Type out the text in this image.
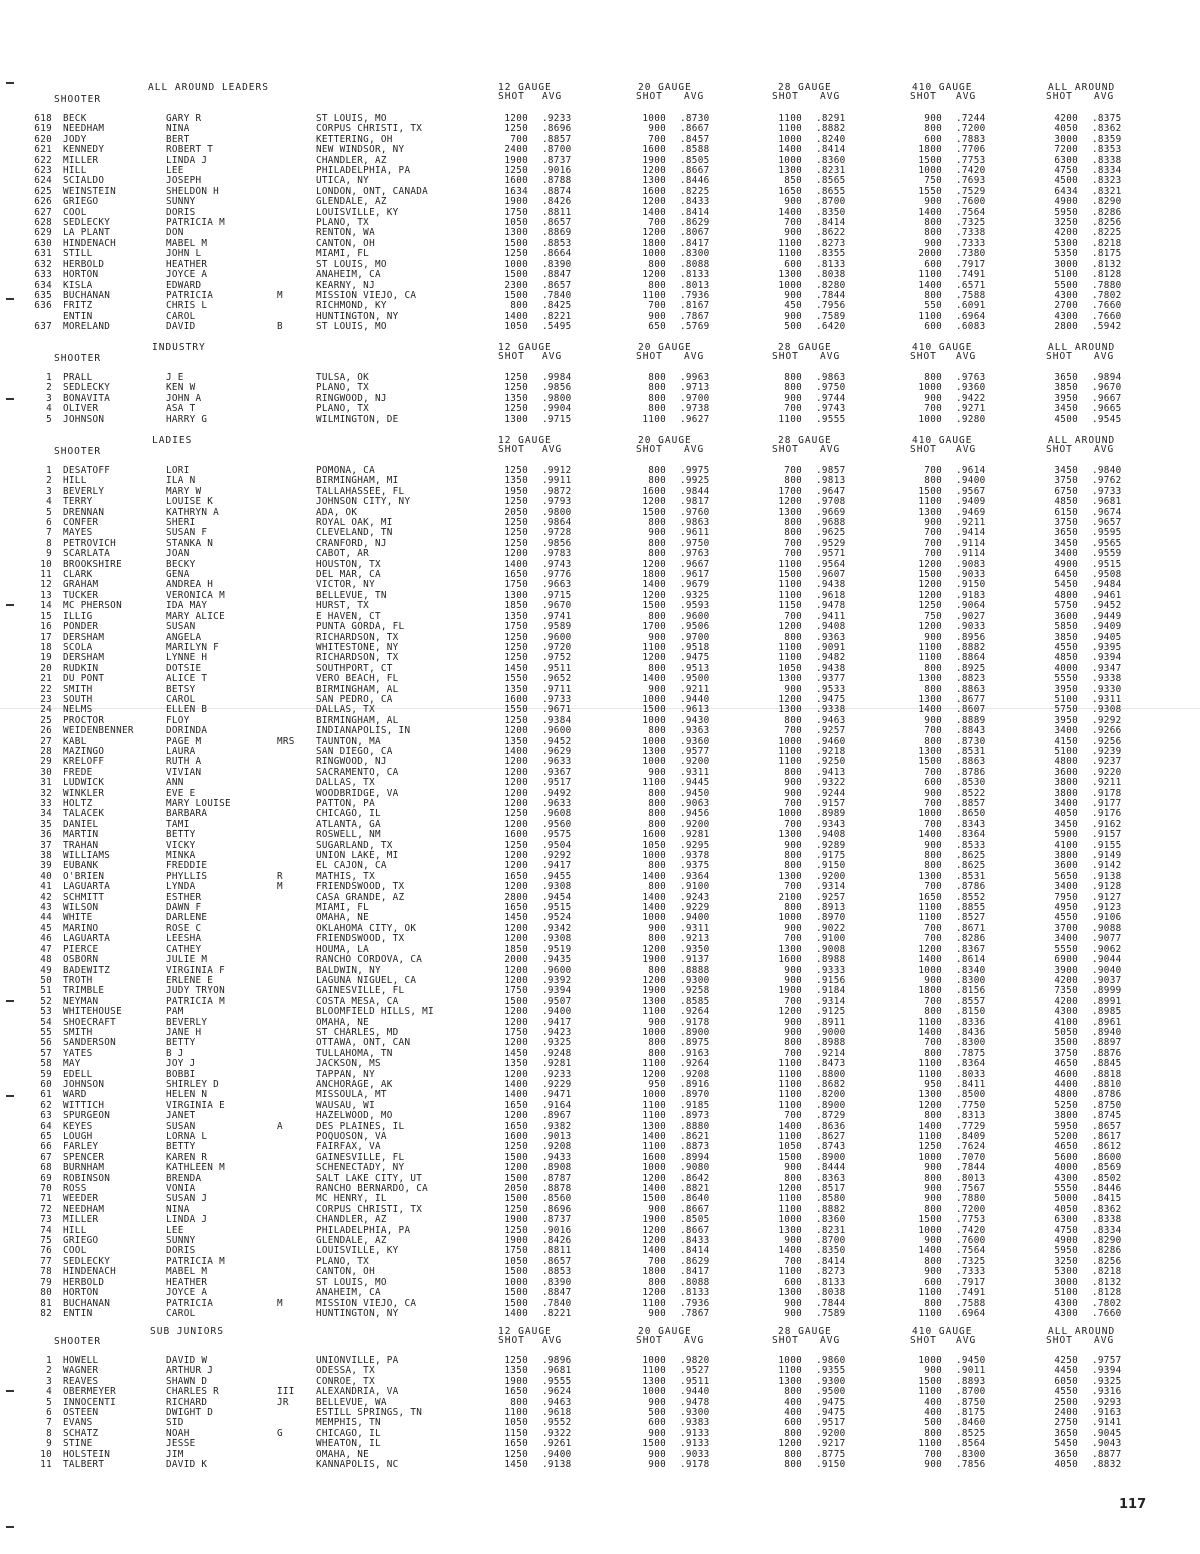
117
ALL AROUND LEADERS
SHOOTER
12 GAUGE
SHOT AVG
20 GAUGE
SHOT AVG
28 GAUGE
SHOT AVG
410 GAUGE
SHOT AVG
ALL AROUND
SHOT AVG
618 BECK	GARY R	ST LOUIS, MO	1200 .9233	1000 .8730	1100 .8291	900 .7244	4200 .8375
619 NEEDHAM	NINA	CORPUS CHRISTI, TX	1250 .8696	900 .8667	1100 .8882	800 .7200	4050 .8362
620 JODY	BERT	KETTERING, OH	700 .8857	700 .8457	1000 .8240	600 .7883	3000 .8359
621 KENNEDY	ROBERT T	NEW WINDSOR, NY	2400 .8700	1600 .8588	1400 .8414	1800 .7706	7200 .8353
622 MILLER	LINDA J	CHANDLER, AZ	1900 .8737	1900 .8505	1000 .8360	1500 .7753	6300 .8338
623 HILL	LEE	PHILADELPHIA, PA	1250 .9016	1200 .8667	1300 .8231	1000 .7420	4750 .8334
624 SCIALDO	JOSEPH	UTICA, NY	1600 .8788	1300 .8446	850 .8565	750 .7693	4500 .8323
625 WEINSTEIN	SHELDON H	LONDON, ONT, CANADA	1634 .8874	1600 .8225	1650 .8655	1550 .7529	6434 .8321
626 GRIEGO	SUNNY	GLENDALE, AZ	1900 .8426	1200 .8433	900 .8700	900 .7600	4900 .8290
627 COOL	DORIS	LOUISVILLE, KY	1750 .8811	1400 .8414	1400 .8350	1400 .7564	5950 .8286
628 SEDLECKY	PATRICIA M	PLANO, TX	1050 .8657	700 .8629	700 .8414	800 .7325	3250 .8256
629 LA PLANT	DON	RENTON, WA	1300 .8869	1200 .8067	900 .8622	800 .7338	4200 .8225
630 HINDENACH	MABEL M	CANTON, OH	1500 .8853	1800 .8417	1100 .8273	900 .7333	5300 .8218
631 STILL	JOHN L	MIAMI, FL	1250 .8664	1000 .8300	1100 .8355	2000 .7380	5350 .8175
632 HERBOLD	HEATHER	ST LOUIS, MO	1000 .8390	800 .8088	600 .8133	600 .7917	3000 .8132
633 HORTON	JOYCE A	ANAHEIM, CA	1500 .8847	1200 .8133	1300 .8038	1100 .7491	5100 .8128
634 KISLA	EDWARD	KEARNY, NJ	2300 .8657	800 .8013	1000 .8280	1400 .6571	5500 .7880
635 BUCHANAN	PATRICIA	M	MISSION VIEJO, CA	1500 .7840	1100 .7936	900 .7844	800 .7588	4300 .7802
636 FRITZ	CHRIS L	RICHMOND, KY	800 .8425	700 .8167	450 .7956	550 .6091	2700 .7660
ENTIN	CAROL	HUNTINGTON, NY	1400 .8221	900 .7867	900 .7589	1100 .6964	4300 .7660
637 MORELAND	DAVID	B	ST LOUIS, MO	1050 .5495	650 .5769	500 .6420	600 .6083	2800 .5942
INDUSTRY
SHOOTER
12 GAUGE
SHOT AVG
20 GAUGE
SHOT AVG
28 GAUGE
SHOT AVG
410 GAUGE
SHOT AVG
ALL AROUND
SHOT AVG
1 PRALL	J E	TULSA, OK	1250 .9984	800 .9963	800 .9863	800 .9763	3650 .9894
2 SEDLECKY	KEN W	PLANO, TX	1250 .9856	800 .9713	800 .9750	1000 .9360	3850 .9670
3 BONAVITA	JOHN A	RINGWOOD, NJ	1350 .9800	800 .9700	900 .9744	900 .9422	3950 .9667
4 OLIVER	ASA T	PLANO, TX	1250 .9904	800 .9738	700 .9743	700 .9271	3450 .9665
5 JOHNSON	HARRY G	WILMINGTON, DE	1300 .9715	1100 .9627	1100 .9555	1000 .9280	4500 .9545
LADIES
SHOOTER
12 GAUGE
SHOT AVG
20 GAUGE
SHOT AVG
28 GAUGE
SHOT AVG
410 GAUGE
SHOT AVG
ALL AROUND
SHOT AVG
1 DESATOFF	LORI	POMONA, CA	1250 .9912	800 .9975	700 .9857	700 .9614	3450 .9840
2 HILL	ILA N	BIRMINGHAM, MI	1350 .9911	800 .9925	800 .9813	800 .9400	3750 .9762
3 BEVERLY	MARY W	TALLAHASSEE, FL	1950 .9872	1600 .9844	1700 .9647	1500 .9567	6750 .9733
4 TERRY	LOUISE K	JOHNSON CITY, NY	1250 .9793	1200 .9817	1200 .9708	1100 .9409	4850 .9681
5 DRENNAN	KATHRYN A	ADA, OK	2050 .9800	1500 .9760	1300 .9669	1300 .9469	6150 .9674
6 CONFER	SHERI	ROYAL OAK, MI	1250 .9864	800 .9863	800 .9688	900 .9211	3750 .9657
7 MAYES	SUSAN F	CLEVELAND, TN	1250 .9728	900 .9611	800 .9625	700 .9414	3650 .9595
8 PETROVICH	STANKA N	CRANFORD, NJ	1250 .9856	800 .9750	700 .9529	700 .9114	3450 .9565
9 SCARLATA	JOAN	CABOT, AR	1200 .9783	800 .9763	700 .9571	700 .9114	3400 .9559
10 BROOKSHIRE	BECKY	HOUSTON, TX	1400 .9743	1200 .9667	1100 .9564	1200 .9083	4900 .9515
11 CLARK	GENA	DEL MAR, CA	1650 .9776	1800 .9617	1500 .9607	1500 .9033	6450 .9508
12 GRAHAM	ANDREA H	VICTOR, NY	1750 .9663	1400 .9679	1100 .9438	1200 .9150	5450 .9484
13 TUCKER	VERONICA M	BELLEVUE, TN	1300 .9715	1200 .9325	1100 .9618	1200 .9183	4800 .9461
14 MC PHERSON	IDA MAY	HURST, TX	1850 .9670	1500 .9593	1150 .9478	1250 .9064	5750 .9452
15 ILLIG	MARY ALICE	E HAVEN, CT	1350 .9741	800 .9600	700 .9411	750 .9027	3600 .9449
16 PONDER	SUSAN	PUNTA GORDA, FL	1750 .9589	1700 .9506	1200 .9408	1200 .9033	5850 .9409
17 DERSHAM	ANGELA	RICHARDSON, TX	1250 .9600	900 .9700	800 .9363	900 .8956	3850 .9405
18 SCOLA	MARILYN F	WHITESTONE, NY	1250 .9720	1100 .9518	1100 .9091	1100 .8882	4550 .9395
19 DERSHAM	LYNNE H	RICHARDSON, TX	1250 .9752	1200 .9475	1100 .9482	1100 .8864	4850 .9394
20 RUDKIN	DOTSIE	SOUTHPORT, CT	1450 .9511	800 .9513	1050 .9438	800 .8925	4000 .9347
21 DU PONT	ALICE T	VERO BEACH, FL	1550 .9652	1400 .9500	1300 .9377	1300 .8823	5550 .9338
22 SMITH	BETSY	BIRMINGHAM, AL	1350 .9711	900 .9211	900 .9533	800 .8863	3950 .9330
23 SOUTH	CAROL	SAN PEDRO, CA	1600 .9733	1000 .9440	1200 .9475	1300 .8677	5100 .9311
24 NELMS	ELLEN B	DALLAS, TX	1550 .9671	1500 .9613	1300 .9338	1400 .8607	5750 .9308
25 PROCTOR	FLOY	BIRMINGHAM, AL	1250 .9384	1000 .9430	800 .9463	900 .8889	3950 .9292
26 WEIDENBENNER	DORINDA	INDIANAPOLIS, IN	1200 .9600	800 .9363	700 .9257	700 .8843	3400 .9266
27 KABL	PAGE M	MRS TAUNTON, MA	1350 .9452	1000 .9360	1000 .9460	800 .8730	4150 .9256
28 MAZINGO	LAURA	SAN DIEGO, CA	1400 .9629	1300 .9577	1100 .9218	1300 .8531	5100 .9239
29 KRELOFF	RUTH A	RINGWOOD, NJ	1200 .9633	1000 .9200	1100 .9250	1500 .8863	4800 .9237
30 FREDE	VIVIAN	SACRAMENTO, CA	1200 .9367	900 .9311	800 .9413	700 .8786	3600 .9220
31 LUDWICK	ANN	DALLAS, TX	1200 .9517	1100 .9445	900 .9322	600 .8530	3800 .9211
32 WINKLER	EVE E	WOODBRIDGE, VA	1200 .9492	800 .9450	900 .9244	900 .8522	3800 .9178
33 HOLTZ	MARY LOUISE	PATTON, PA	1200 .9633	800 .9063	700 .9157	700 .8857	3400 .9177
34 TALACEK	BARBARA	CHICAGO, IL	1250 .9608	800 .9456	1000 .8989	1000 .8650	4050 .9176
35 DANIEL	TAMI	ATLANTA, GA	1200 .9560	800 .9200	700 .9343	700 .8343	3450 .9162
36 MARTIN	BETTY	ROSWELL, NM	1600 .9575	1600 .9281	1300 .9408	1400 .8364	5900 .9157
37 TRAHAN	VICKY	SUGARLAND, TX	1250 .9504	1050 .9295	900 .9289	900 .8533	4100 .9155
38 WILLIAMS	MINKA	UNION LAKE, MI	1200 .9292	1000 .9378	800 .9175	800 .8625	3800 .9149
39 EUBANK	FREDDIE	EL CAJON, CA	1200 .9417	800 .9375	800 .9150	800 .8625	3600 .9142
40 O'BRIEN	PHYLLIS	R	MATHIS, TX	1650 .9455	1400 .9364	1300 .9200	1300 .8531	5650 .9138
41 LAGUARTA	LYNDA	M	FRIENDSWOOD, TX	1200 .9308	800 .9100	700 .9314	700 .8786	3400 .9128
42 SCHMITT	ESTHER	CASA GRANDE, AZ	2800 .9454	1400 .9243	2100 .9257	1650 .8552	7950 .9127
43 WILSON	DAWN F	MIAMI, FL	1650 .9515	1400 .9229	800 .8913	1100 .8855	4950 .9123
44 WHITE	DARLENE	OMAHA, NE	1450 .9524	1000 .9400	1000 .8970	1100 .8527	4550 .9106
45 MARINO	ROSE C	OKLAHOMA CITY, OK	1200 .9342	900 .9311	900 .9022	700 .8671	3700 .9088
46 LAGUARTA	LEESHA	FRIENDSWOOD, TX	1200 .9308	800 .9213	700 .9100	700 .8286	3400 .9077
47 PIERCE	CATHEY	HOUMA, LA	1850 .9519	1200 .9350	1300 .9008	1200 .8367	5550 .9062
48 OSBORN	JULIE M	RANCHO CORDOVA, CA	2000 .9435	1900 .9137	1600 .8988	1400 .8614	6900 .9044
49 BADEWITZ	VIRGINIA F	BALDWIN, NY	1200 .9600	800 .8888	900 .9333	1000 .8340	3900 .9040
50 TROTH	ERLENE E	LAGUNA NIGUEL, CA	1200 .9392	1200 .9300	900 .9156	900 .8300	4200 .9037
51 TRIMBLE	JUDY TRYON	GAINESVILLE, FL	1750 .9394	1900 .9258	1900 .9184	1800 .8156	7350 .8999
52 NEYMAN	PATRICIA M	COSTA MESA, CA	1500 .9507	1300 .8585	700 .9314	700 .8557	4200 .8991
53 WHITEHOUSE	PAM	BLOOMFIELD HILLS, MI	1200 .9400	1100 .9264	1200 .9125	800 .8150	4300 .8985
54 SHOECRAFT	BEVERLY	OMAHA, NE	1200 .9417	900 .9178	900 .8911	1100 .8336	4100 .8961
55 SMITH	JANE H	ST CHARLES, MD	1750 .9423	1000 .8900	900 .9000	1400 .8436	5050 .8940
56 SANDERSON	BETTY	OTTAWA, ONT, CAN	1200 .9325	800 .8975	800 .8988	700 .8300	3500 .8897
57 YATES	B J	TULLAHOMA, TN	1450 .9248	800 .9163	700 .9214	800 .7875	3750 .8876
58 MAY	JOY J	JACKSON, MS	1350 .9281	1100 .9264	1100 .8473	1100 .8364	4650 .8845
59 EDELL	BOBBI	TAPPAN, NY	1200 .9233	1200 .9208	1100 .8800	1100 .8033	4600 .8818
60 JOHNSON	SHIRLEY D	ANCHORAGE, AK	1400 .9229	950 .8916	1100 .8682	950 .8411	4400 .8810
61 WARD	HELEN N	MISSOULA, MT	1400 .9471	1000 .8970	1100 .8200	1300 .8500	4800 .8786
62 WITTICH	VIRGINIA E	WAUSAU, WI	1650 .9164	1100 .9185	1100 .8900	1200 .7750	5250 .8750
63 SPURGEON	JANET	HAZELWOOD, MO	1200 .8967	1100 .8973	700 .8729	800 .8313	3800 .8745
64 KEYES	SUSAN	A	DES PLAINES, IL	1650 .9382	1300 .8880	1400 .8636	1400 .7729	5950 .8657
65 LOUGH	LORNA L	POQUOSON, VA	1600 .9013	1400 .8621	1100 .8627	1100 .8409	5200 .8617
66 FARLEY	BETTY	FAIRFAX, VA	1250 .9208	1100 .8873	1050 .8743	1250 .7624	4650 .8612
67 SPENCER	KAREN R	GAINESVILLE, FL	1500 .9433	1600 .8994	1500 .8900	1000 .7070	5600 .8600
68 BURNHAM	KATHLEEN M	SCHENECTADY, NY	1200 .8908	1000 .9080	900 .8444	900 .7844	4000 .8569
69 ROBINSON	BRENDA	SALT LAKE CITY, UT	1500 .8787	1200 .8642	800 .8363	800 .8013	4300 .8502
70 ROSS	VONIA	RANCHO BERNARDO, CA	2050 .8878	1400 .8821	1200 .8517	900 .7567	5550 .8446
71 WEEDER	SUSAN J	MC HENRY, IL	1500 .8560	1500 .8640	1100 .8580	900 .7880	5000 .8415
72 NEEDHAM	NINA	CORPUS CHRISTI, TX	1250 .8696	900 .8667	1100 .8882	800 .7200	4050 .8362
73 MILLER	LINDA J	CHANDLER, AZ	1900 .8737	1900 .8505	1000 .8360	1500 .7753	6300 .8338
74 HILL	LEE	PHILADELPHIA, PA	1250 .9016	1200 .8667	1300 .8231	1000 .7420	4750 .8334
75 GRIEGO	SUNNY	GLENDALE, AZ	1900 .8426	1200 .8433	900 .8700	900 .7600	4900 .8290
76 COOL	DORIS	LOUISVILLE, KY	1750 .8811	1400 .8414	1400 .8350	1400 .7564	5950 .8286
77 SEDLECKY	PATRICIA M	PLANO, TX	1050 .8657	700 .8629	700 .8414	800 .7325	3250 .8256
78 HINDENACH	MABEL M	CANTON, OH	1500 .8853	1800 .8417	1100 .8273	900 .7333	5300 .8218
79 HERBOLD	HEATHER	ST LOUIS, MO	1000 .8390	800 .8088	600 .8133	600 .7917	3000 .8132
80 HORTON	JOYCE A	ANAHEIM, CA	1500 .8847	1200 .8133	1300 .8038	1100 .7491	5100 .8128
81 BUCHANAN	PATRICIA	M	MISSION VIEJO, CA	1500 .7840	1100 .7936	900 .7844	800 .7588	4300 .7802
82 ENTIN	CAROL	HUNTINGTON, NY	1400 .8221	900 .7867	900 .7589	1100 .6964	4300 .7660
SUB JUNIORS
SHOOTER
12 GAUGE
SHOT AVG
20 GAUGE
SHOT AVG
28 GAUGE
SHOT AVG
410 GAUGE
SHOT AVG
ALL AROUND
SHOT AVG
1 HOWELL	DAVID W	UNIONVILLE, PA	1250 .9896	1000 .9820	1000 .9860	1000 .9450	4250 .9757
2 WAGNER	ARTHUR J	ODESSA, TX	1350 .9681	1100 .9527	1100 .9355	900 .9011	4450 .9394
3 REAVES	SHAWN D	CONROE, TX	1900 .9555	1300 .9511	1300 .9300	1500 .8893	6050 .9325
4 OBERMEYER	CHARLES R	III ALEXANDRIA, VA	1650 .9624	1000 .9440	800 .9500	1100 .8700	4550 .9316
5 INNOCENTI	RICHARD	JR	BELLEVUE, WA	800 .9463	900 .9478	400 .9475	400 .8750	2500 .9293
6 OSTEEN	DWIGHT D	ESTILL SPRINGS, TN	1100 .9618	500 .9300	400 .9475	400 .8175	2400 .9163
7 EVANS	SID	MEMPHIS, TN	1050 .9552	600 .9383	600 .9517	500 .8460	2750 .9141
8 SCHATZ	NOAH	G	CHICAGO, IL	1150 .9322	900 .9133	800 .9200	800 .8525	3650 .9045
9 STINE	JESSE	WHEATON, IL	1650 .9261	1500 .9133	1200 .9217	1100 .8564	5450 .9043
10 HOLSTEIN	JIM	OMAHA, NE	1250 .9400	900 .9033	800 .8775	700 .8300	3650 .8877
11 TALBERT	DAVID K	KANNAPOLIS, NC	1450 .9138	900 .9178	800 .9150	900 .7856	4050 .8832
